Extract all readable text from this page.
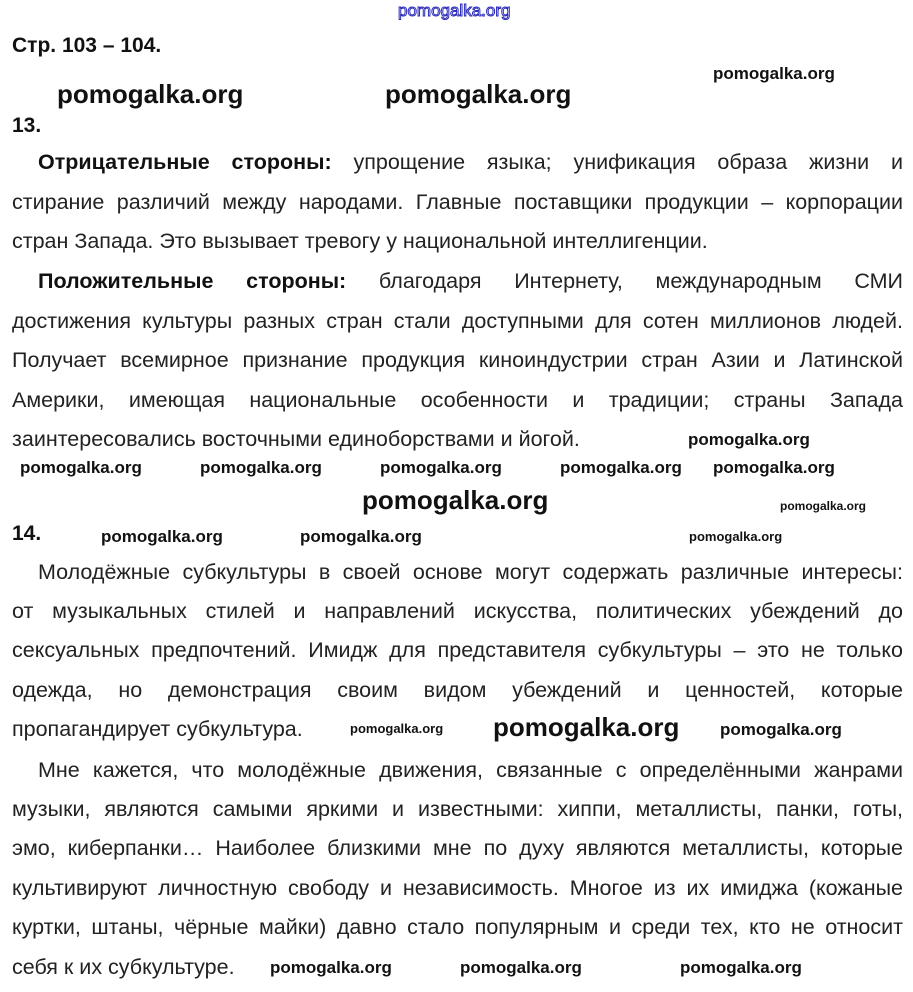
pomogalka.org
Стр. 103 – 104.
pomogalka.org
13.
Отрицательные стороны: упрощение языка; унификация образа жизни и
стирание различий между народами. Главные поставщики продукции – корпорации
стран Запада. Это вызывает тревогу у национальной интеллигенции.
Положительные стороны: благодаря Интернету, международным СМИ
достижения культуры разных стран стали доступными для сотен миллионов людей.
Получает всемирное признание продукция киноиндустрии стран Азии и Латинской
Америки, имеющая национальные особенности и традиции; страны Запада
заинтересовались восточными единоборствами и йогой.
14.
Молодёжные субкультуры в своей основе могут содержать различные интересы:
от музыкальных стилей и направлений искусства, политических убеждений до
сексуальных предпочтений. Имидж для представителя субкультуры – это не только
одежда, но демонстрация своим видом убеждений и ценностей, которые
пропагандирует субкультура.
Мне кажется, что молодёжные движения, связанные с определёнными жанрами
музыки, являются самыми яркими и известными: хиппи, металлисты, панки, готы,
эмо, киберпанки… Наиболее близкими мне по духу являются металлисты, которые
культивируют личностную свободу и независимость. Многое из их имиджа (кожаные
куртки, штаны, чёрные майки) давно стало популярным и среди тех, кто не относит
себя к их субкультуре.
pomogalka.org	pomogalka.org
pomogalka.org
pomogalka.org	pomogalka.org	pomogalka.org	pomogalka.org pomogalka.org
pomogalka.org	pomogalka.org
pomogalka.org	pomogalka.org	pomogalka.org
pomogalka.org pomogalka.org pomogalka.org
pomogalka.org	pomogalka.org	pomogalka.org
